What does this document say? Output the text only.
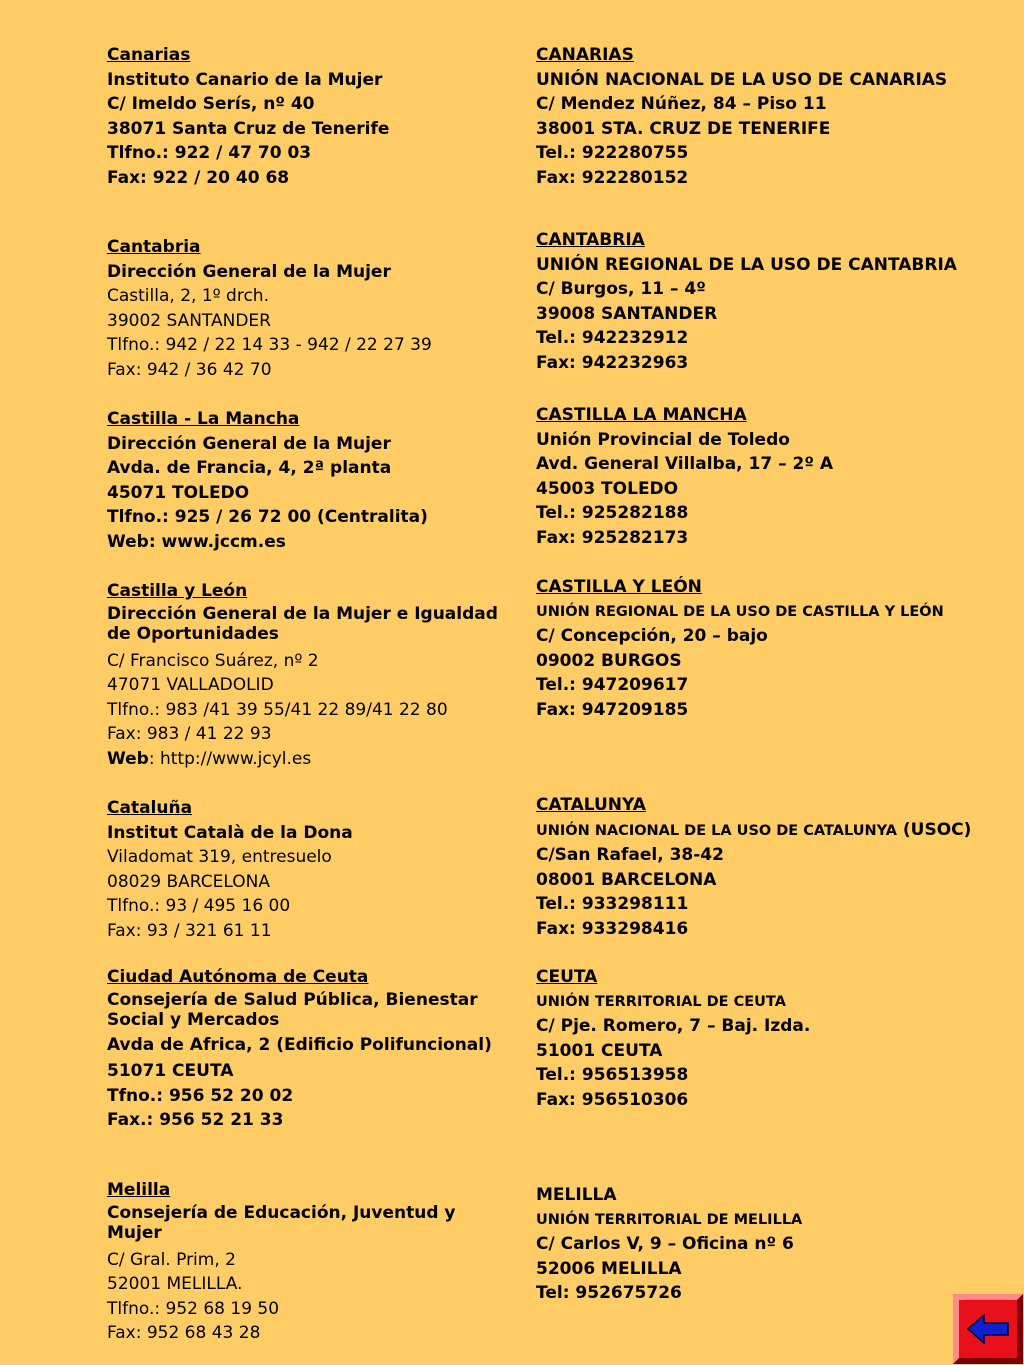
Canarias
Instituto Canario de la Mujer
C/ Imeldo Serís, nº 40
38071 Santa Cruz de Tenerife
Tlfno.: 922 / 47 70 03
Fax: 922 / 20 40 68
Cantabria
Dirección General de la Mujer
Castilla, 2, 1º drch.
39002 SANTANDER
Tlfno.: 942 / 22 14 33 - 942 / 22 27 39
Fax: 942 / 36 42 70
Castilla - La Mancha
Dirección General de la Mujer
Avda. de Francia, 4, 2ª planta
45071 TOLEDO
Tlfno.: 925 / 26 72 00 (Centralita)
Web: www.jccm.es
Castilla y León
Dirección General de la Mujer e Igualdad de Oportunidades
C/ Francisco Suárez, nº 2
47071 VALLADOLID
Tlfno.: 983 /41 39 55/41 22 89/41 22 80
Fax: 983 / 41 22 93
Web: http://www.jcyl.es
Cataluña
Institut Català de la Dona
Viladomat 319, entresuelo
08029 BARCELONA
Tlfno.: 93 / 495 16 00
Fax: 93 / 321 61 11
Ciudad Autónoma de Ceuta
Consejería de Salud Pública, Bienestar Social y Mercados
Avda de Africa, 2 (Edificio Polifuncional)
51071 CEUTA
Tfno.: 956 52 20 02
Fax.: 956 52 21 33
Melilla
Consejería de Educación, Juventud y Mujer
C/ Gral. Prim, 2
52001 MELILLA.
Tlfno.: 952 68 19 50
Fax: 952 68 43 28
CANARIAS
UNIÓN NACIONAL DE LA USO DE CANARIAS
C/ Mendez Núñez, 84 – Piso 11
38001 STA. CRUZ DE TENERIFE
Tel.: 922280755
Fax: 922280152
CANTABRIA
UNIÓN REGIONAL DE LA USO DE CANTABRIA
C/ Burgos, 11 – 4º
39008 SANTANDER
Tel.: 942232912
Fax: 942232963
CASTILLA LA MANCHA
Unión Provincial de Toledo
Avd. General Villalba, 17 – 2º A
45003 TOLEDO
Tel.: 925282188
Fax: 925282173
CASTILLA Y LEÓN
UNIÓN REGIONAL DE LA USO DE CASTILLA Y LEÓN
C/ Concepción, 20 – bajo
09002 BURGOS
Tel.: 947209617
Fax: 947209185
CATALUNYA
UNIÓN NACIONAL DE LA USO DE CATALUNYA (USOC)
C/San Rafael, 38-42
08001 BARCELONA
Tel.: 933298111
Fax: 933298416
CEUTA
UNIÓN TERRITORIAL DE CEUTA
C/ Pje. Romero, 7 – Baj. Izda.
51001 CEUTA
Tel.: 956513958
Fax: 956510306
MELILLA
UNIÓN TERRITORIAL DE MELILLA
C/ Carlos V, 9 – Oficina nº 6
52006 MELILLA
Tel: 952675726
